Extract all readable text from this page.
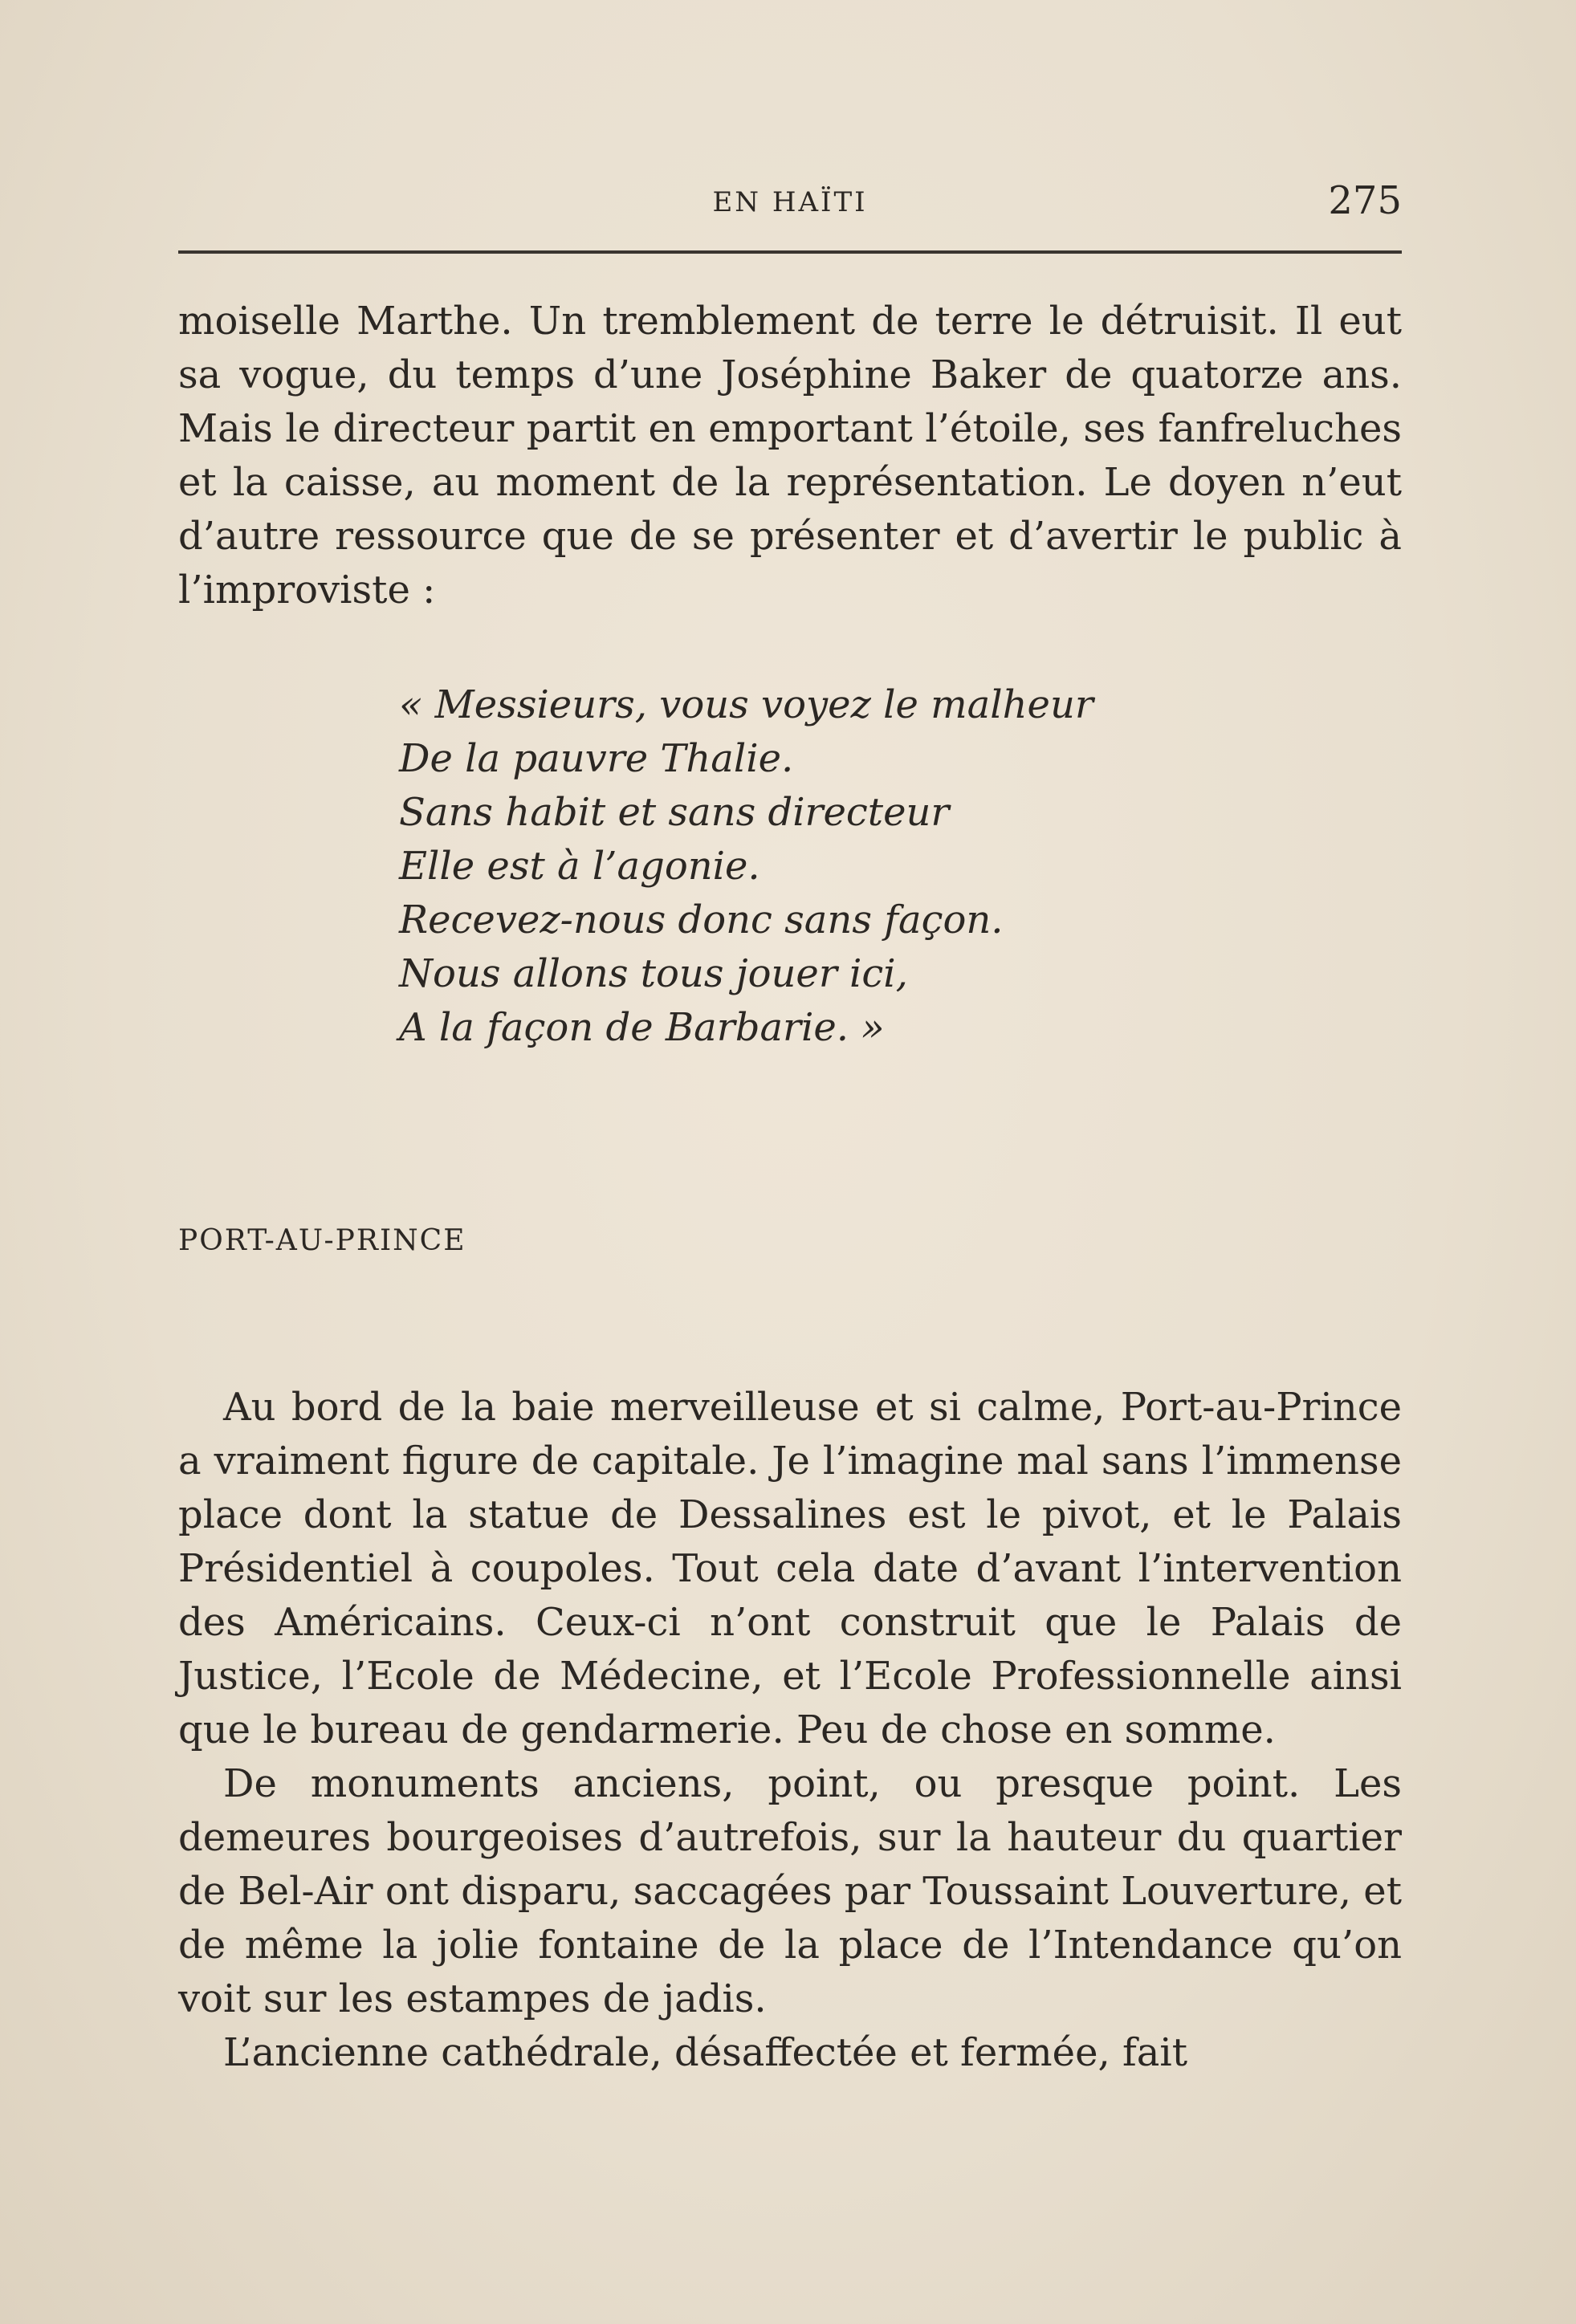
EN HAÏTI	275

moiselle Marthe. Un tremblement de terre le détruisit. Il eut sa vogue, du temps d’une Joséphine Baker de quatorze ans. Mais le directeur partit en emportant l’étoile, ses fanfreluches et la caisse, au moment de la représentation. Le doyen n’eut d’autre ressource que de se présenter et d’avertir le public à l’improviste :

« Messieurs, vous voyez le malheur
De la pauvre Thalie.
Sans habit et sans directeur
Elle est à l’agonie.
Recevez-nous donc sans façon.
Nous allons tous jouer ici,
A la façon de Barbarie. »
PORT-AU-PRINCE

Au bord de la baie merveilleuse et si calme, Port-au-Prince a vraiment figure de capitale. Je l’imagine mal sans l’immense place dont la statue de Dessalines est le pivot, et le Palais Présidentiel à coupoles. Tout cela date d’avant l’intervention des Américains. Ceux-ci n’ont construit que le Palais de Justice, l’Ecole de Médecine, et l’Ecole Professionnelle ainsi que le bureau de gendarmerie. Peu de chose en somme.

De monuments anciens, point, ou presque point. Les demeures bourgeoises d’autrefois, sur la hauteur du quartier de Bel-Air ont disparu, saccagées par Toussaint Louverture, et de même la jolie fontaine de la place de l’Intendance qu’on voit sur les estampes de jadis.

L’ancienne cathédrale, désaffectée et fermée, fait
